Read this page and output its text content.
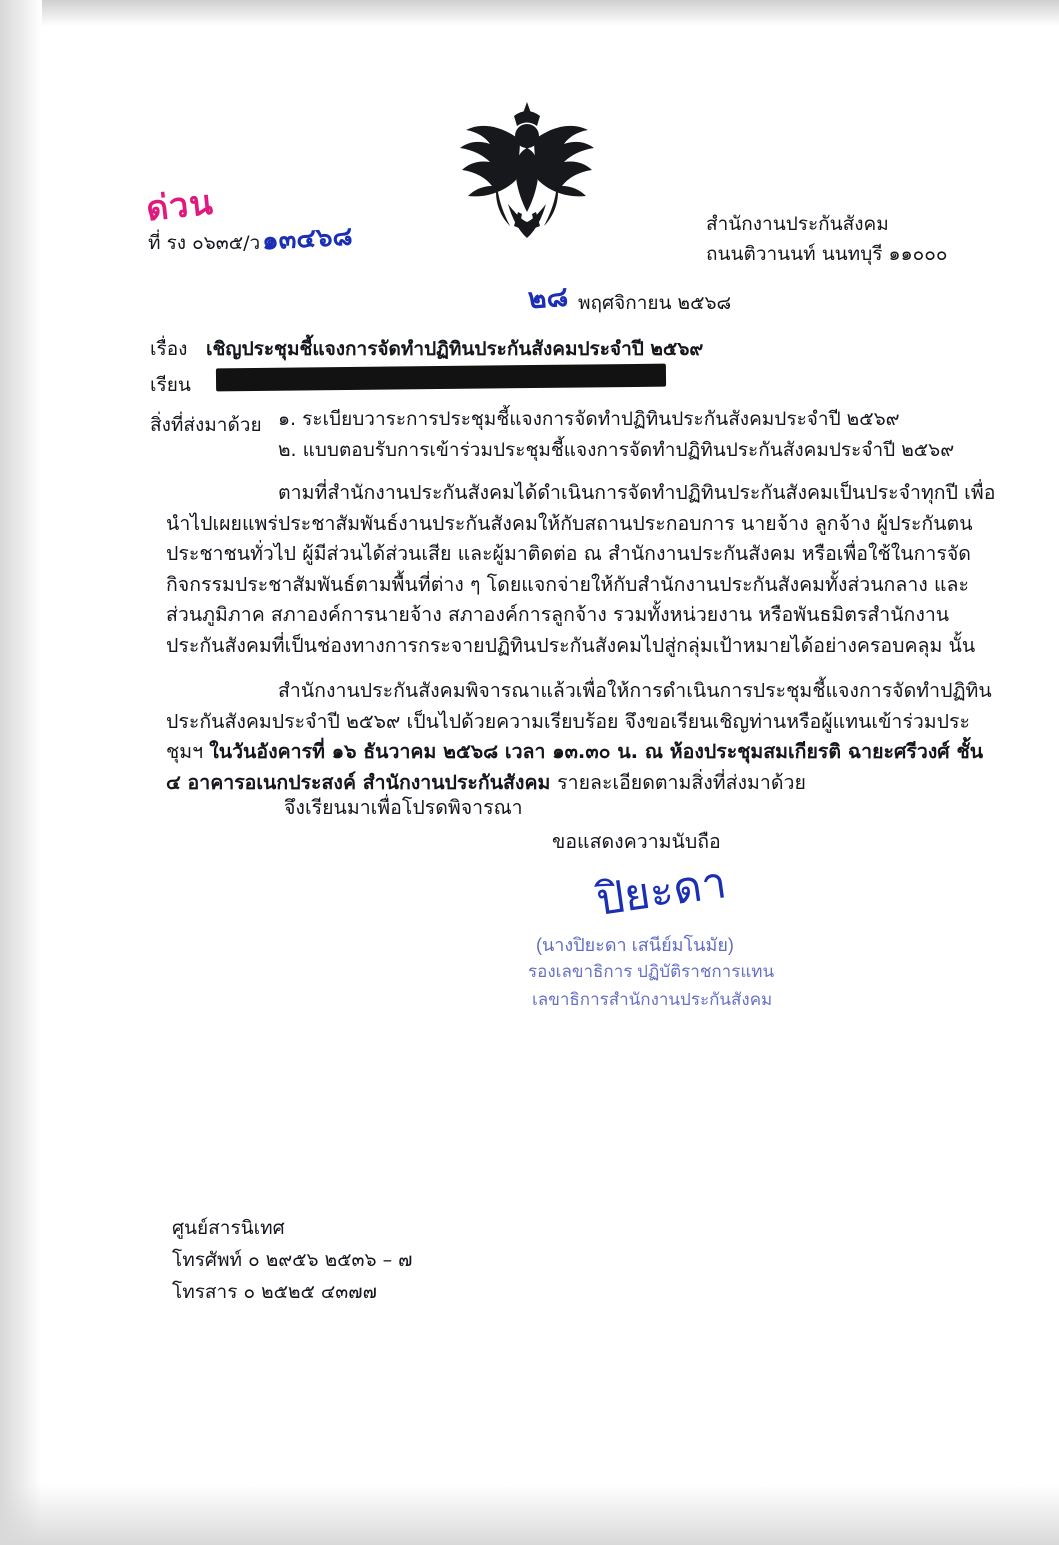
ด่วน
ที่ รง ๐๖๓๕/ว ๑๓๔๖๘	สำนักงานประกันสังคม
ถนนติวานนท์ นนทบุรี ๑๑๐๐๐
๒๘ พฤศจิกายน ๒๕๖๘
เรื่อง เชิญประชุมชี้แจงการจัดทำปฏิทินประกันสังคมประจำปี ๒๕๖๙
เรียน
สิ่งที่ส่งมาด้วย ๑. ระเบียบวาระการประชุมชี้แจงการจัดทำปฏิทินประกันสังคมประจำปี ๒๕๖๙
๒. แบบตอบรับการเข้าร่วมประชุมชี้แจงการจัดทำปฏิทินประกันสังคมประจำปี ๒๕๖๙
ตามที่สำนักงานประกันสังคมได้ดำเนินการจัดทำปฏิทินประกันสังคมเป็นประจำทุกปี เพื่อนำไปเผยแพร่ประชาสัมพันธ์งานประกันสังคมให้กับสถานประกอบการ นายจ้าง ลูกจ้าง ผู้ประกันตน ประชาชนทั่วไป ผู้มีส่วนได้ส่วนเสีย และผู้มาติดต่อ ณ สำนักงานประกันสังคม หรือเพื่อใช้ในการจัดกิจกรรมประชาสัมพันธ์ตามพื้นที่ต่าง ๆ โดยแจกจ่ายให้กับสำนักงานประกันสังคมทั้งส่วนกลาง และส่วนภูมิภาค สภาองค์การนายจ้าง สภาองค์การลูกจ้าง รวมทั้งหน่วยงาน หรือพันธมิตรสำนักงานประกันสังคมที่เป็นช่องทางการกระจายปฏิทินประกันสังคมไปสู่กลุ่มเป้าหมายได้อย่างครอบคลุม นั้น
สำนักงานประกันสังคมพิจารณาแล้วเพื่อให้การดำเนินการประชุมชี้แจงการจัดทำปฏิทินประกันสังคมประจำปี ๒๕๖๙ เป็นไปด้วยความเรียบร้อย จึงขอเรียนเชิญท่านหรือผู้แทนเข้าร่วมประชุมฯ ในวันอังคารที่ ๑๖ ธันวาคม ๒๕๖๘ เวลา ๑๓.๓๐ น. ณ ห้องประชุมสมเกียรติ ฉายะศรีวงศ์ ชั้น ๔ อาคารอเนกประสงค์ สำนักงานประกันสังคม รายละเอียดตามสิ่งที่ส่งมาด้วย
จึงเรียนมาเพื่อโปรดพิจารณา
ขอแสดงความนับถือ
ปิยะดา
(นางปิยะดา เสนีย์มโนมัย)
รองเลขาธิการ ปฏิบัติราชการแทน
เลขาธิการสำนักงานประกันสังคม
ศูนย์สารนิเทศ
โทรศัพท์ ๐ ๒๙๕๖ ๒๕๓๖ – ๗
โทรสาร ๐ ๒๕๒๕ ๔๓๗๗
